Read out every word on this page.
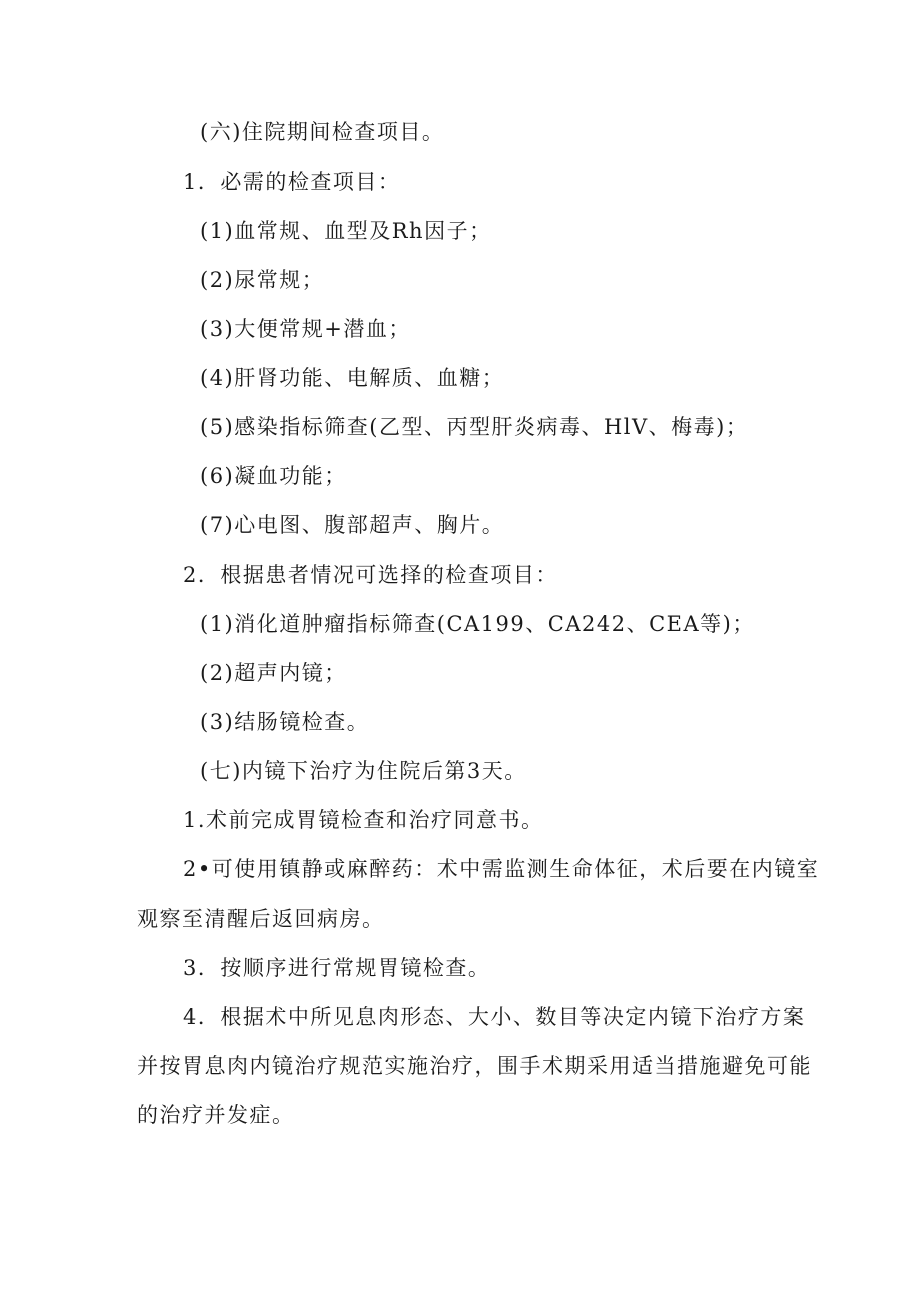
(六)住院期间检查项目。
1．必需的检查项目：
(1)血常规、血型及Rh因子；
(2)尿常规；
(3)大便常规+潜血；
(4)肝肾功能、电解质、血糖；
(5)感染指标筛查(乙型、丙型肝炎病毒、HlV、梅毒)；
(6)凝血功能；
(7)心电图、腹部超声、胸片。
2．根据患者情况可选择的检查项目：
(1)消化道肿瘤指标筛查(CA199、CA242、CEA等)；
(2)超声内镜；
(3)结肠镜检查。
(七)内镜下治疗为住院后第3天。
1.术前完成胃镜检查和治疗同意书。
2•可使用镇静或麻醉药：术中需监测生命体征，术后要在内镜室
观察至清醒后返回病房。
3．按顺序进行常规胃镜检查。
4．根据术中所见息肉形态、大小、数目等决定内镜下治疗方案
并按胃息肉内镜治疗规范实施治疗，围手术期采用适当措施避免可能
的治疗并发症。
